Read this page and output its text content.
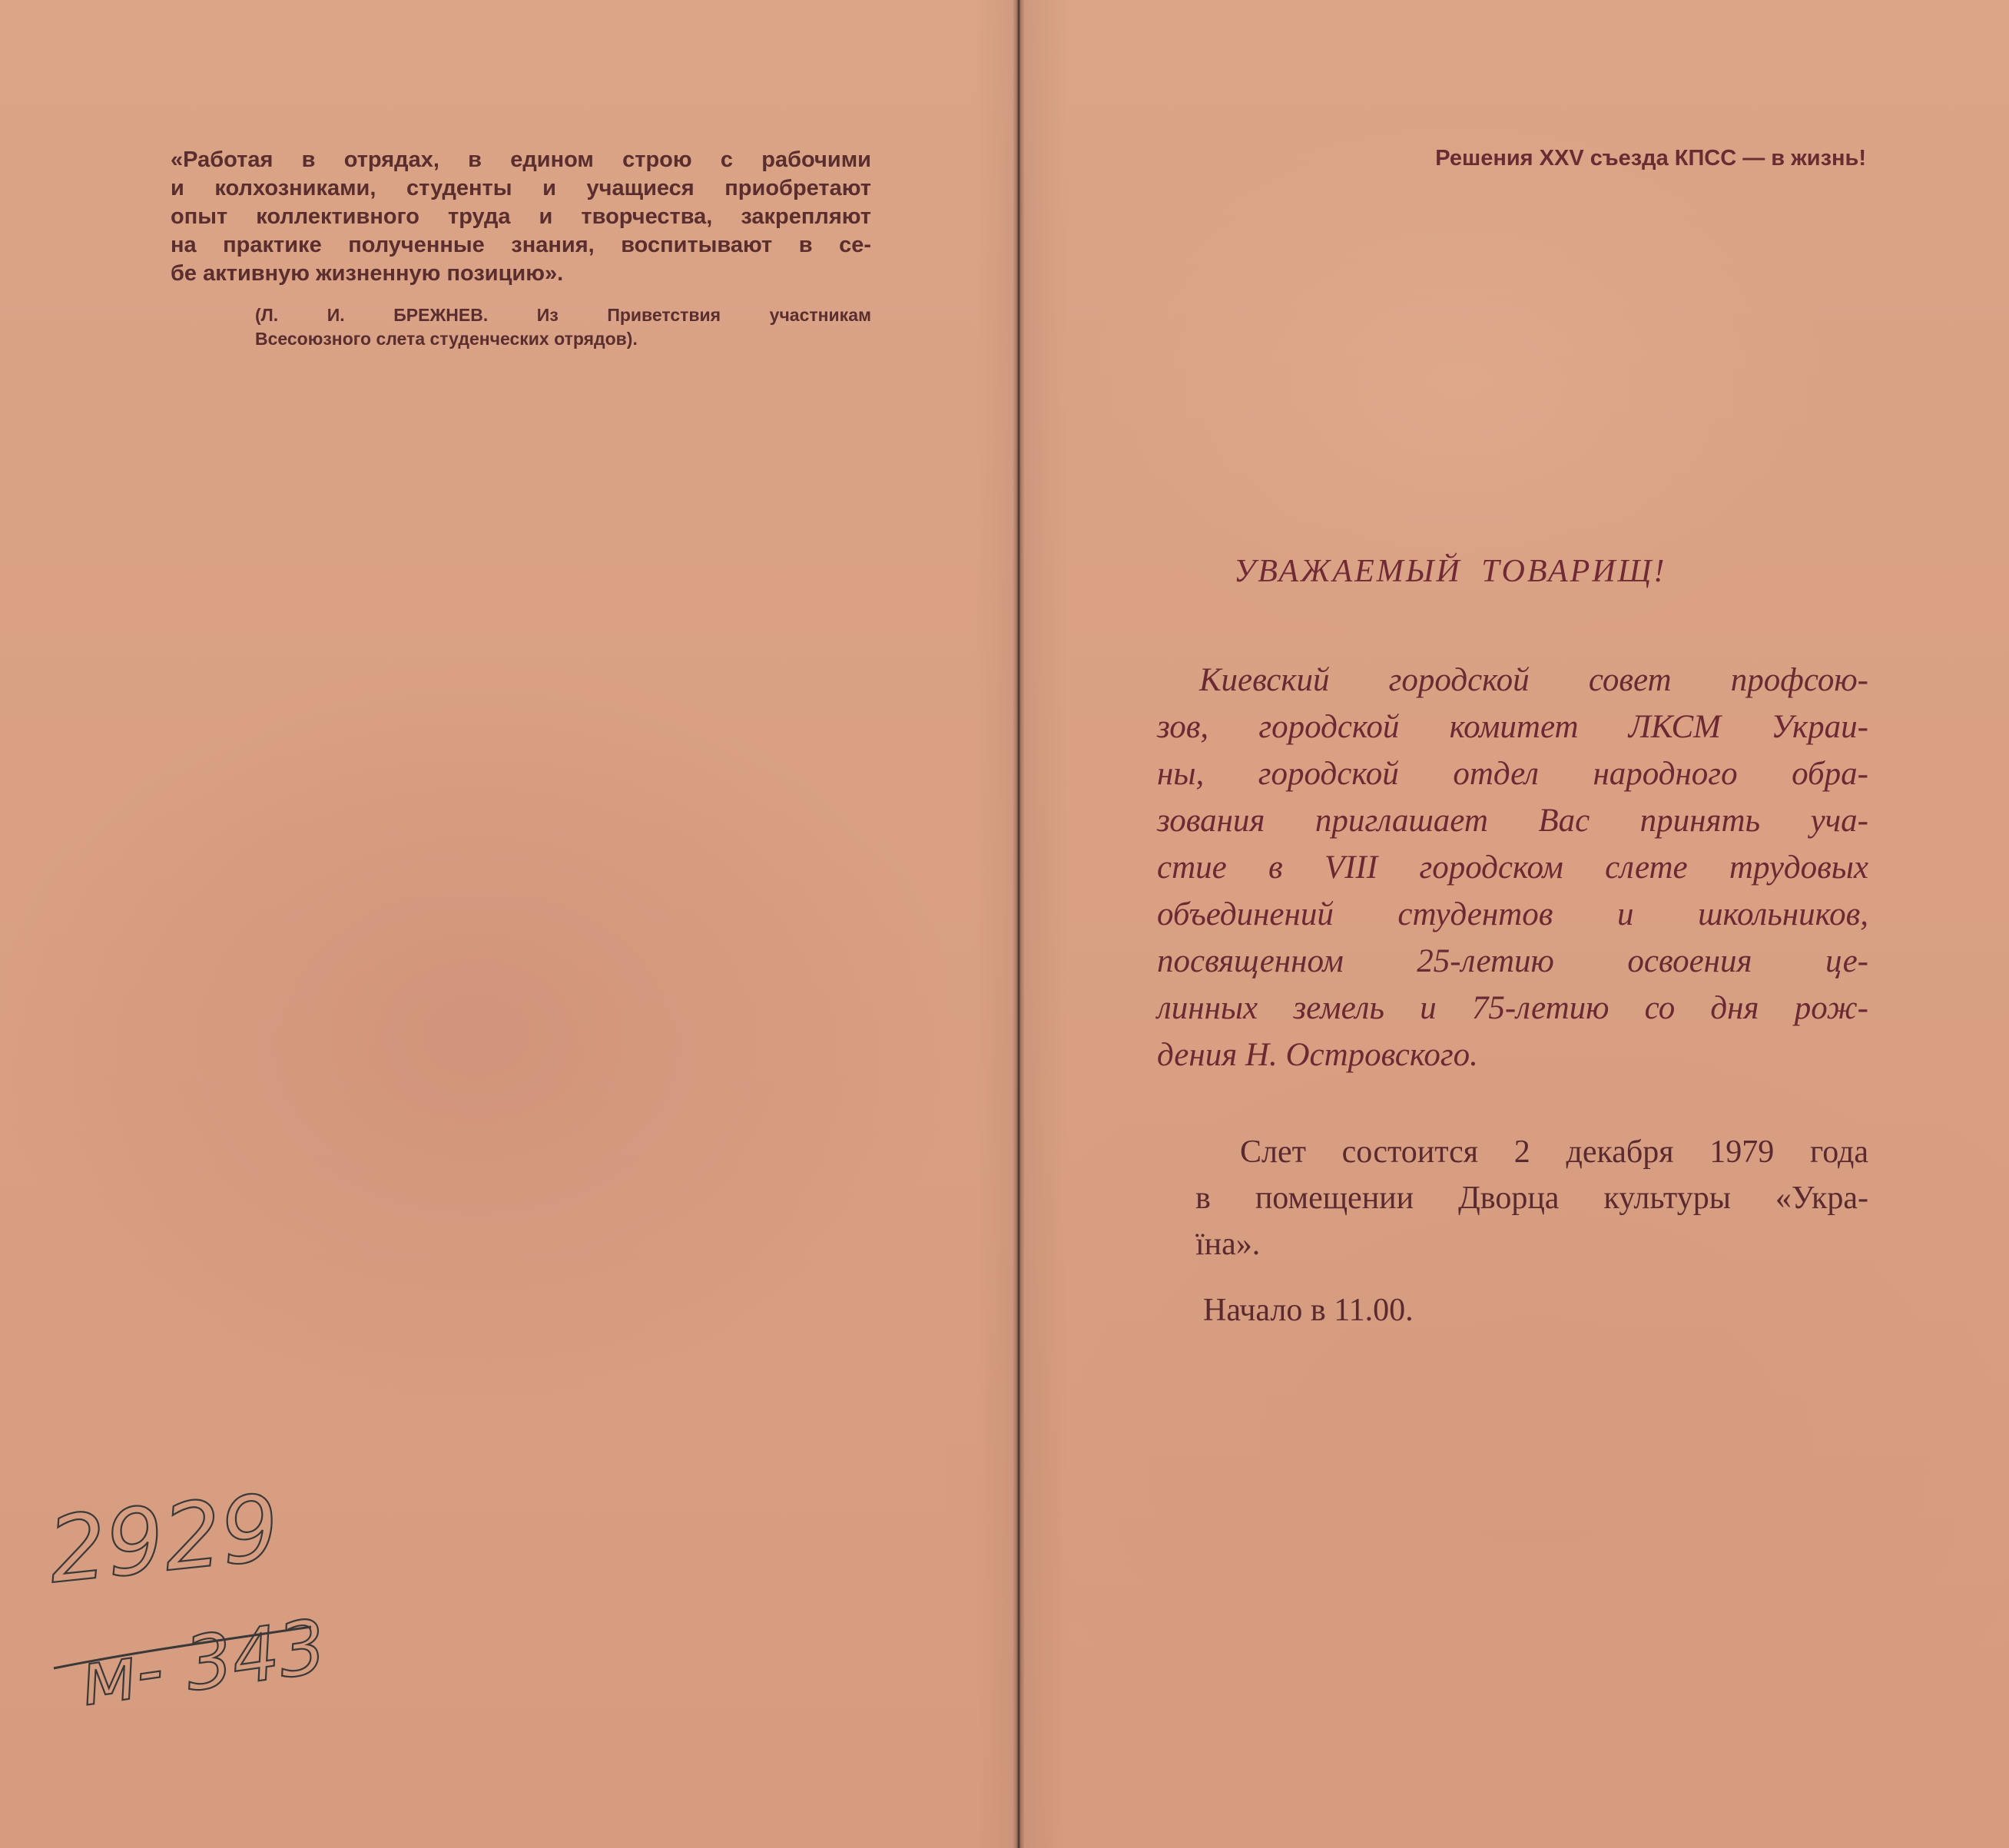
«Работая в отрядах, в едином строю с рабочими
и колхозниками, студенты и учащиеся приобретают
опыт коллективного труда и творчества, закрепляют
на практике полученные знания, воспитывают в се-
бе активную жизненную позицию».
(Л. И. БРЕЖНЕВ. Из Приветствия участникам
Всесоюзного слета студенческих отрядов).
2929
м- 343
Решения XXV съезда КПСС — в жизнь!
УВАЖАЕМЫЙ ТОВАРИЩ!
Киевский городской совет профсою-
зов, городской комитет ЛКСМ Украи-
ны, городской отдел народного обра-
зования приглашает Вас принять уча-
стие в VIII городском слете трудовых
объединений студентов и школьников,
посвященном 25-летию освоения це-
линных земель и 75-летию со дня рож-
дения Н. Островского.
Слет состоится 2 декабря 1979 года
в помещении Дворца культуры «Укра-
їна».
Начало в 11.00.
